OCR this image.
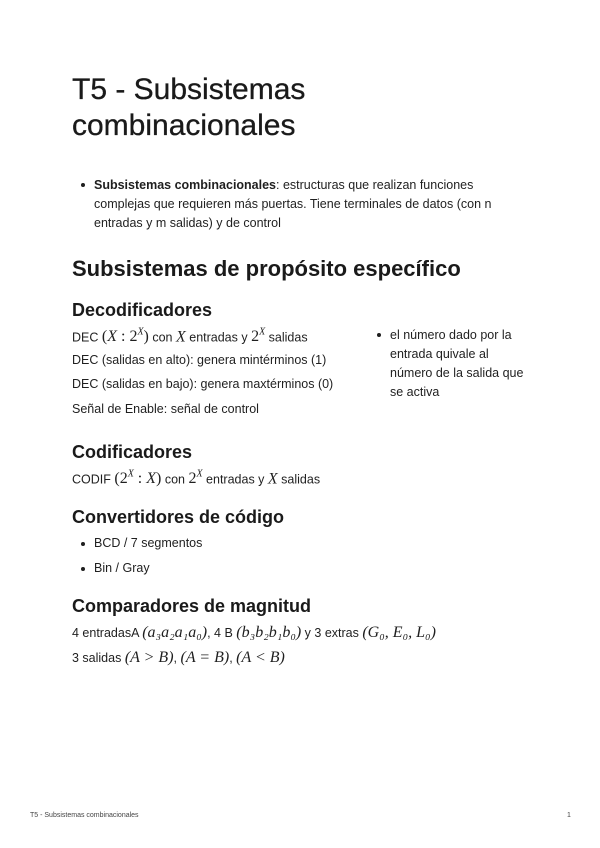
T5 - Subsistemas combinacionales
Subsistemas combinacionales: estructuras que realizan funciones complejas que requieren más puertas. Tiene terminales de datos (con n entradas y m salidas) y de control
Subsistemas de propósito específico
Decodificadores
DEC (X : $2^X$) con X entradas y $2^X$ salidas
DEC (salidas en alto): genera mintérminos (1)
DEC (salidas en bajo): genera maxtérminos (0)
Señal de Enable: señal de control
el número dado por la entrada quivale al número de la salida que se activa
Codificadores
CODIF ($2^X$ : X) con $2^X$ entradas y X salidas
Convertidores de código
BCD / 7 segmentos
Bin / Gray
Comparadores de magnitud
4 entradasA (a₃a₂a₁a₀), 4 B (b₃b₂b₁b₀) y 3 extras (G₀, E₀, L₀)
3 salidas (A > B), (A = B), (A < B)
T5 - Subsistemas combinacionales	1
